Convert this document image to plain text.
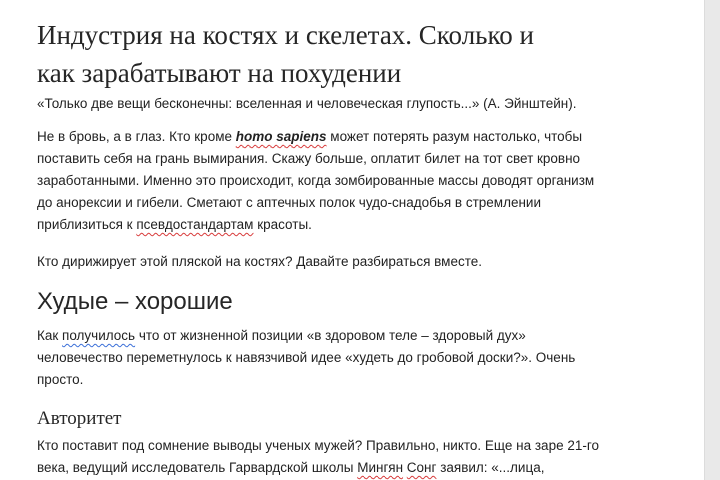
Индустрия на костях и скелетах. Сколько и
как зарабатывают на похудении

«Только две вещи бесконечны: вселенная и человеческая глупость...» (А. Эйнштейн).

Не в бровь, а в глаз. Кто кроме homo sapiens может потерять разум настолько, чтобы
поставить себя на грань вымирания. Скажу больше, оплатит билет на тот свет кровно
заработанными. Именно это происходит, когда зомбированные массы доводят организм
до анорексии и гибели. Сметают с аптечных полок чудо-снадобья в стремлении
приблизиться к псевдостандартам красоты.

Кто дирижирует этой пляской на костях? Давайте разбираться вместе.

Худые – хорошие

Как получилось что от жизненной позиции «в здоровом теле – здоровый дух»
человечество переметнулось к навязчивой идее «худеть до гробовой доски?». Очень
просто.

Авторитет

Кто поставит под сомнение выводы ученых мужей? Правильно, никто. Еще на заре 21-го
века, ведущий исследователь Гарвардской школы Мингян Сонг заявил: «...лица,
